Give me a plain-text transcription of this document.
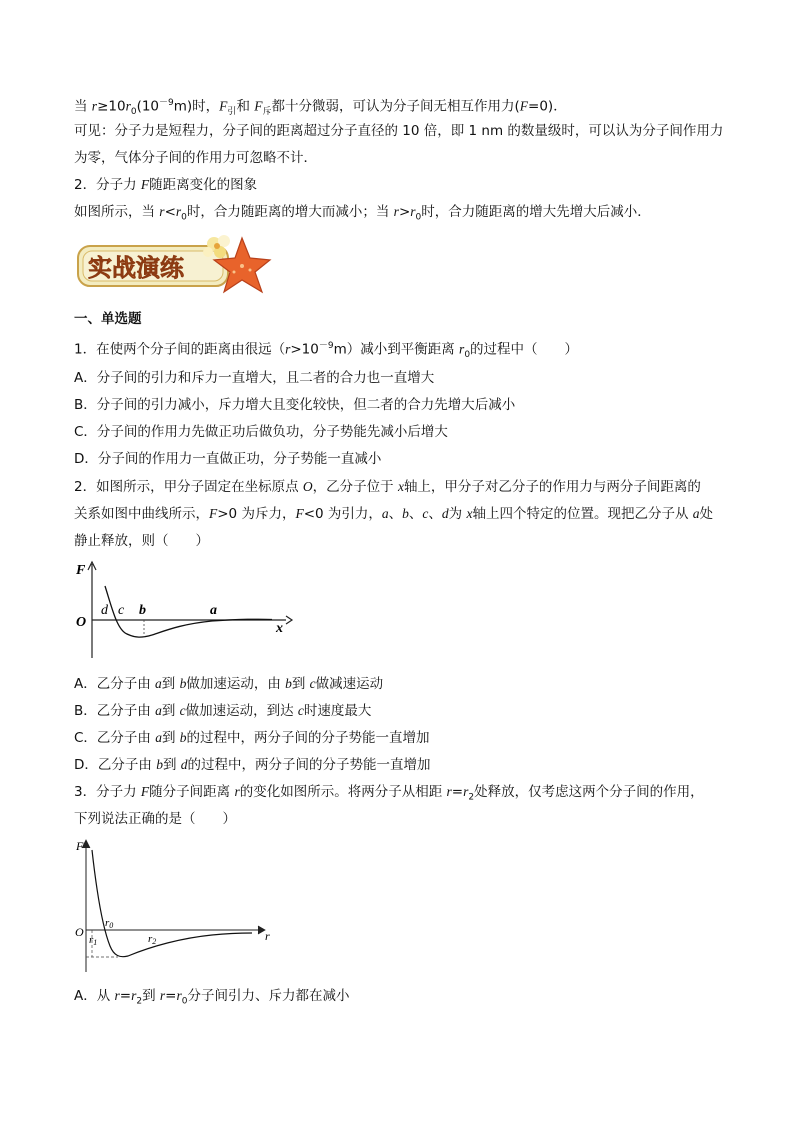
当 $r\ge 10r_0(10^{-9}m)$时，$F_引$和 $F_斥$都十分微弱，可认为分子间无相互作用力(F=0)．
可见：分子力是短程力，分子间的距离超过分子直径的 10 倍，即 1 nm 的数量级时，可以认为分子间作用力
为零，气体分子间的作用力可忽略不计．
2．分子力 F随距离变化的图象
如图所示，当 $r<r_0$时，合力随距离的增大而减小；当 $r>r_0$时，合力随距离的增大先增大后减小．
实战演练
一、单选题
1．在使两个分子间的距离由很远$(r>10^{-9}m)$减小到平衡距离 $r_0$的过程中（　　）
A．分子间的引力和斥力一直增大，且二者的合力也一直增大
B．分子间的引力减小，斥力增大且变化较快，但二者的合力先增大后减小
C．分子间的作用力先做正功后做负功，分子势能先减小后增大
D．分子间的作用力一直做正功，分子势能一直减小
2．如图所示，甲分子固定在坐标原点 O，乙分子位于 x轴上，甲分子对乙分子的作用力与两分子间距离的
关系如图中曲线所示，F>0 为斥力，F<0 为引力，a、b、c、d为 x轴上四个特定的位置。现把乙分子从 a处
静止释放，则（　　）
F
O	x
d c b	a
A．乙分子由 a到 b做加速运动，由 b到 c做减速运动
B．乙分子由 a到 c做加速运动，到达 c时速度最大
C．乙分子由 a到 b的过程中，两分子间的分子势能一直增加
D．乙分子由 b到 d的过程中，两分子间的分子势能一直增加
3．分子力 F随分子间距离 r的变化如图所示。将两分子从相距 $r=r_2$处释放，仅考虑这两个分子间的作用，
下列说法正确的是（　　）
F
O	r
r0
r1	r2
A．从 $r=r_2$到 $r=r_0$分子间引力、斥力都在减小
